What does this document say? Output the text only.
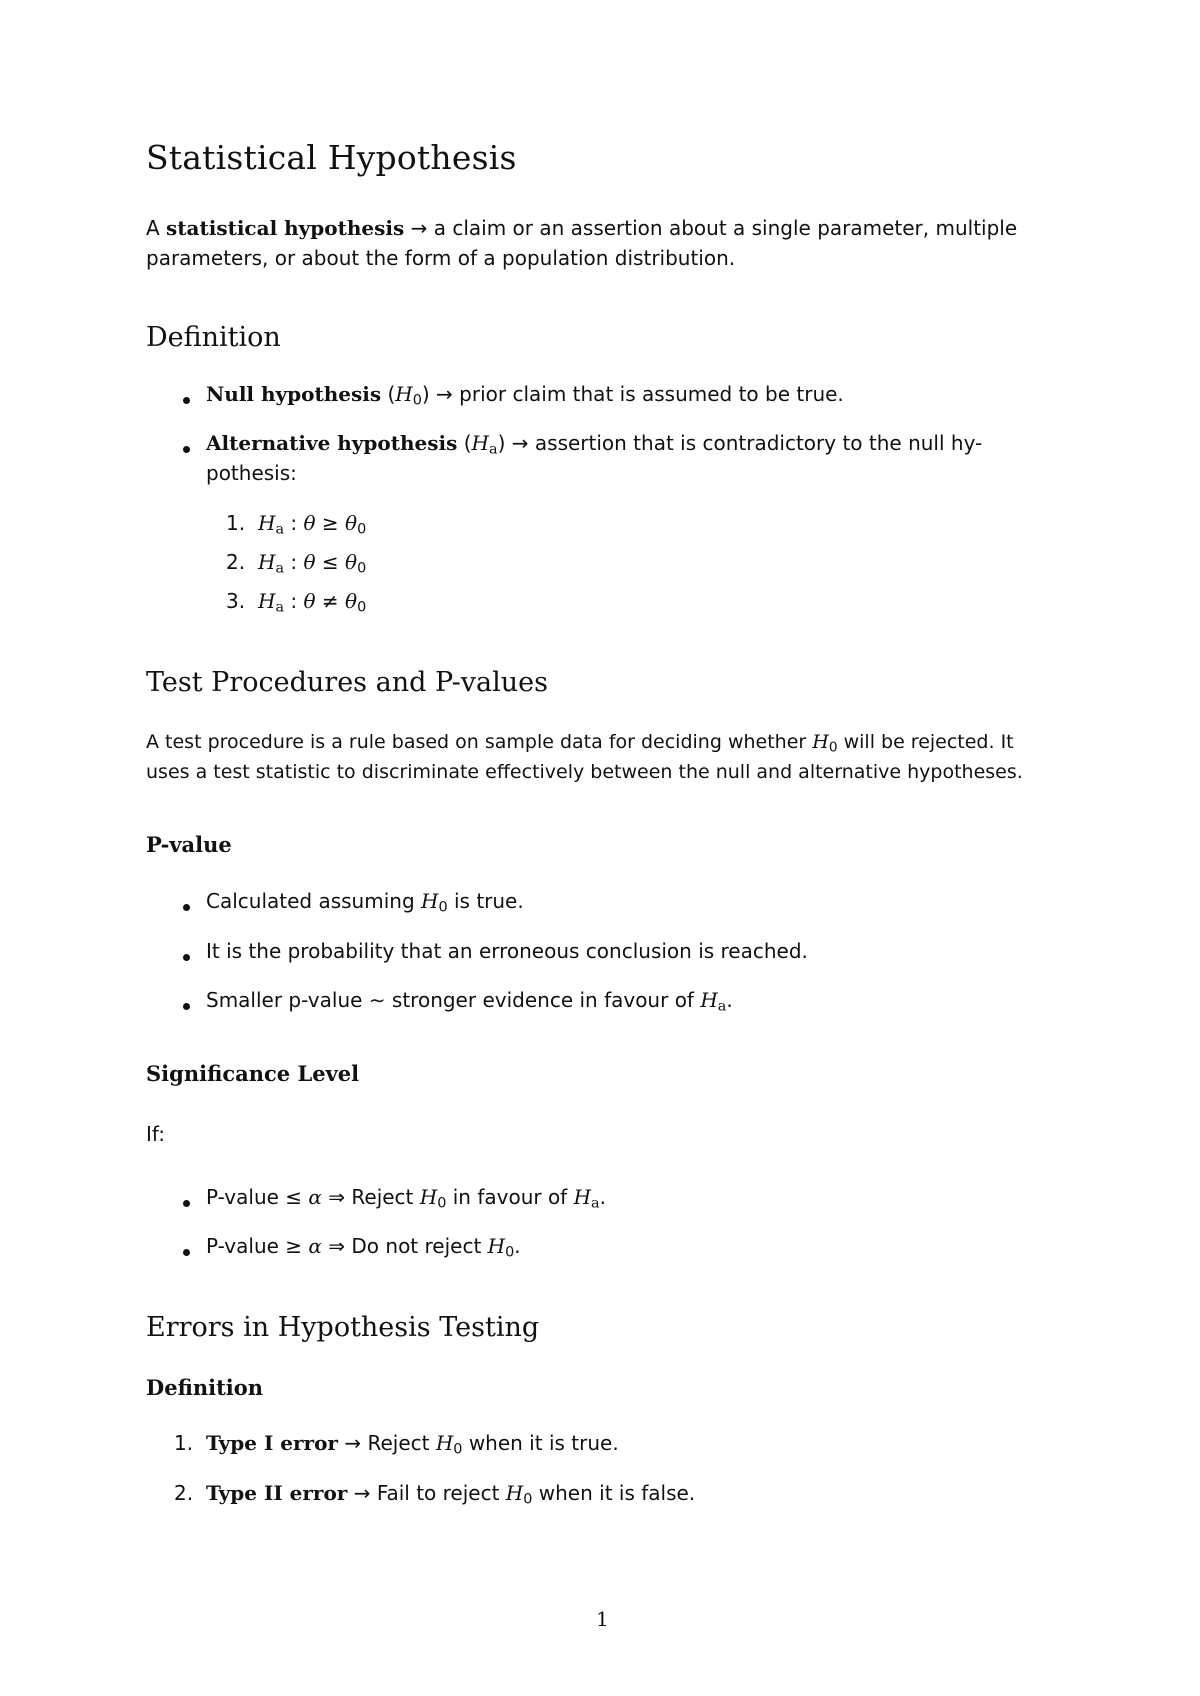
Statistical Hypothesis
A statistical hypothesis → a claim or an assertion about a single parameter, multiple
parameters, or about the form of a population distribution.
Definition
Null hypothesis $(H_0)$ → prior claim that is assumed to be true.
Alternative hypothesis $(H_a)$ → assertion that is contradictory to the null hy-
pothesis:
1. $H_a$ : $\theta \ge \theta_0$
2. $H_a$ : $\theta \le \theta_0$
3. $H_a$ : $\theta \ne \theta_0$
Test Procedures and P-values
A test procedure is a rule based on sample data for deciding whether $H_0$ will be rejected. It
uses a test statistic to discriminate effectively between the null and alternative hypotheses.
P-value
Calculated assuming $H_0$ is true.
It is the probability that an erroneous conclusion is reached.
Smaller p-value ∼ stronger evidence in favour of $H_a$.
Significance Level
If:
P-value ≤ α ⇒ Reject $H_0$ in favour of $H_a$.
P-value ≥ α ⇒ Do not reject $H_0$.
Errors in Hypothesis Testing
Definition
1. Type I error → Reject $H_0$ when it is true.
2. Type II error → Fail to reject $H_0$ when it is false.
1
